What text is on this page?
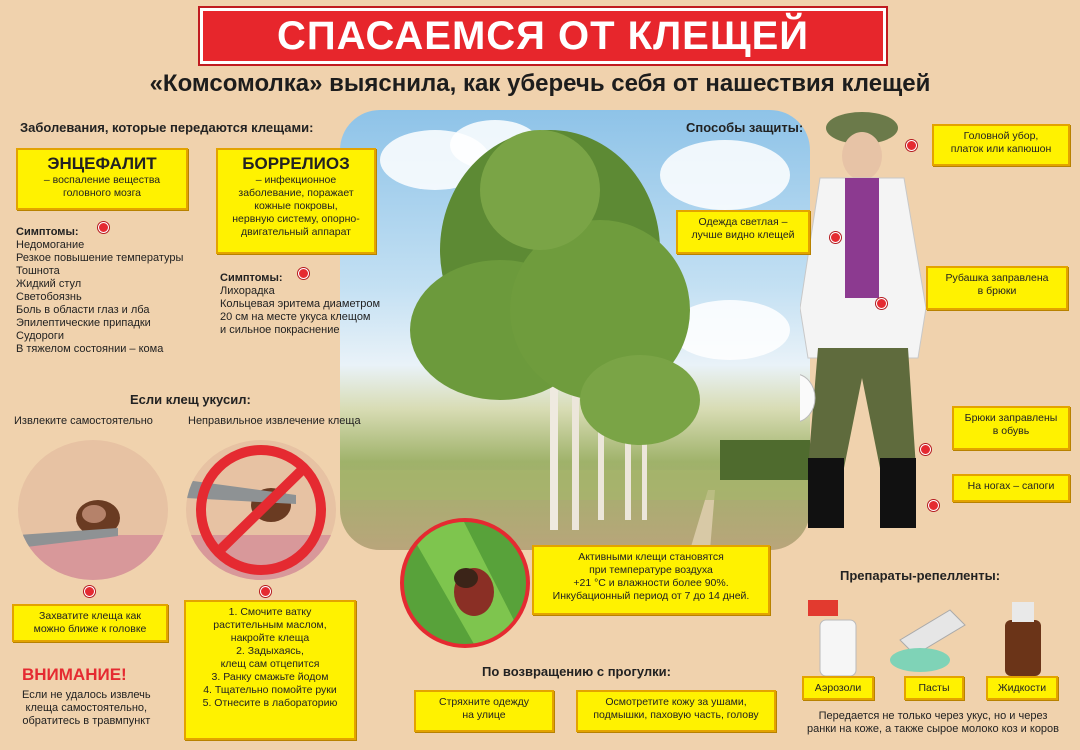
СПАСАЕМСЯ ОТ КЛЕЩЕЙ
«Комсомолка» выяснила, как уберечь себя от нашествия клещей
Заболевания, которые передаются клещами:
ЭНЦЕФАЛИТ
– воспаление вещества
головного мозга
Симптомы:
Недомогание
Резкое повышение температуры
Тошнота
Жидкий стул
Светобоязнь
Боль в области глаз и лба
Эпилептические припадки
Судороги
В тяжелом состоянии – кома
БОРРЕЛИОЗ
– инфекционное
заболевание, поражает
кожные покровы,
нервную систему, опорно-
двигательный аппарат
Симптомы:
Лихорадка
Кольцевая эритема диаметром
20 см на месте укуса клещом
и сильное покраснение
Если клещ укусил:
Извлеките самостоятельно	Неправильное извлечение клеща
Захватите клеща как
можно ближе к головке
1. Смочите ватку
растительным маслом,
накройте клеща
2. Задыхаясь,
клещ сам отцепится
3. Ранку смажьте йодом
4. Тщательно помойте руки
5. Отнесите в лабораторию
ВНИМАНИЕ!
Если не удалось извлечь
клеща самостоятельно,
обратитесь в травмпункт
Активными клещи становятся
при температуре воздуха
+21 °С и влажности более 90%.
Инкубационный период от 7 до 14 дней.
По возвращению с прогулки:
Стряхните одежду
на улице
Осмотретите кожу за ушами,
подмышки, паховую часть, голову
Способы защиты:
Головной убор,
платок или капюшон
Одежда светлая –
лучше видно клещей
Рубашка заправлена
в брюки
Брюки заправлены
в обувь
На ногах – сапоги
Препараты-репелленты:
Аэрозоли	Пасты	Жидкости
Передается не только через укус, но и через
ранки на коже, а также сырое молоко коз и коров
